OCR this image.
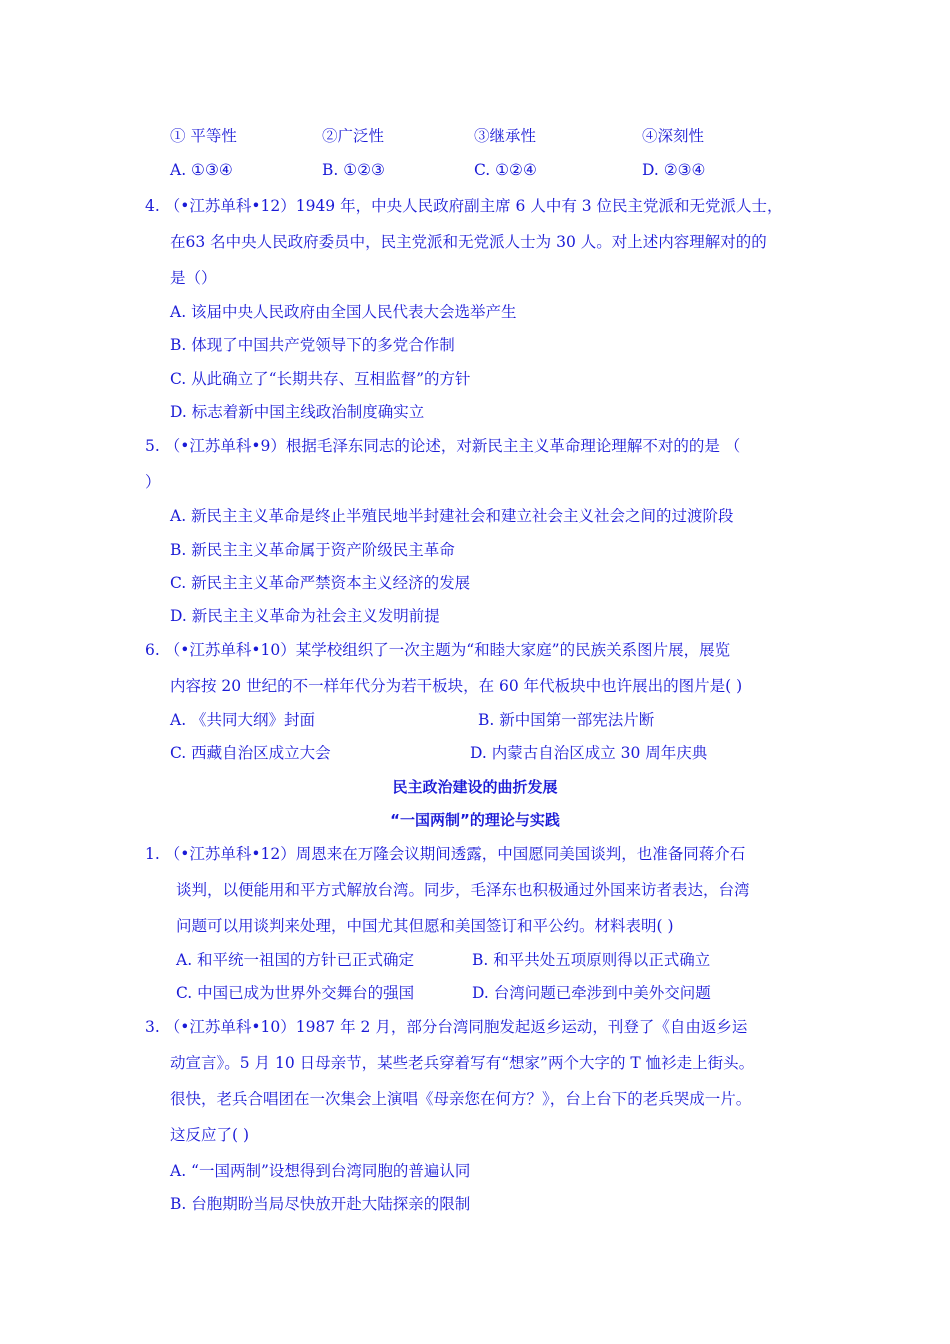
① 平等性	②广泛性	③继承性	④深刻性
A. ①③④	B. ①②③	C. ①②④	D. ②③④
4. （•江苏单科•12）1949 年，中央人民政府副主席 6 人中有 3 位民主党派和无党派人士，
在63 名中央人民政府委员中，民主党派和无党派人士为 30 人。对上述内容理解对的的
是（）
A. 该届中央人民政府由全国人民代表大会选举产生
B. 体现了中国共产党领导下的多党合作制
C. 从此确立了“长期共存、互相监督”的方针
D. 标志着新中国主线政治制度确实立
5. （•江苏单科•9）根据毛泽东同志的论述，对新民主主义革命理论理解不对的的是 （
）
A. 新民主主义革命是终止半殖民地半封建社会和建立社会主义社会之间的过渡阶段
B. 新民主主义革命属于资产阶级民主革命
C. 新民主主义革命严禁资本主义经济的发展
D. 新民主主义革命为社会主义发明前提
6. （•江苏单科•10）某学校组织了一次主题为“和睦大家庭”的民族关系图片展，展览
内容按 20 世纪的不一样年代分为若干板块，在 60 年代板块中也许展出的图片是( )
A. 《共同大纲》封面	B. 新中国第一部宪法片断
C. 西藏自治区成立大会	D. 内蒙古自治区成立 30 周年庆典
民主政治建设的曲折发展
“一国两制”的理论与实践
1. （•江苏单科•12）周恩来在万隆会议期间透露，中国愿同美国谈判，也准备同蒋介石
谈判，以便能用和平方式解放台湾。同步，毛泽东也积极通过外国来访者表达，台湾
问题可以用谈判来处理，中国尤其但愿和美国签订和平公约。材料表明( )
A. 和平统一祖国的方针已正式确定	B. 和平共处五项原则得以正式确立
C. 中国已成为世界外交舞台的强国	D. 台湾问题已牵涉到中美外交问题
3. （•江苏单科•10）1987 年 2 月，部分台湾同胞发起返乡运动，刊登了《自由返乡运
动宣言》。5 月 10 日母亲节，某些老兵穿着写有“想家”两个大字的 T 恤衫走上街头。
很快，老兵合唱团在一次集会上演唱《母亲您在何方？》，台上台下的老兵哭成一片。
这反应了( )
A. “一国两制”设想得到台湾同胞的普遍认同
B. 台胞期盼当局尽快放开赴大陆探亲的限制
